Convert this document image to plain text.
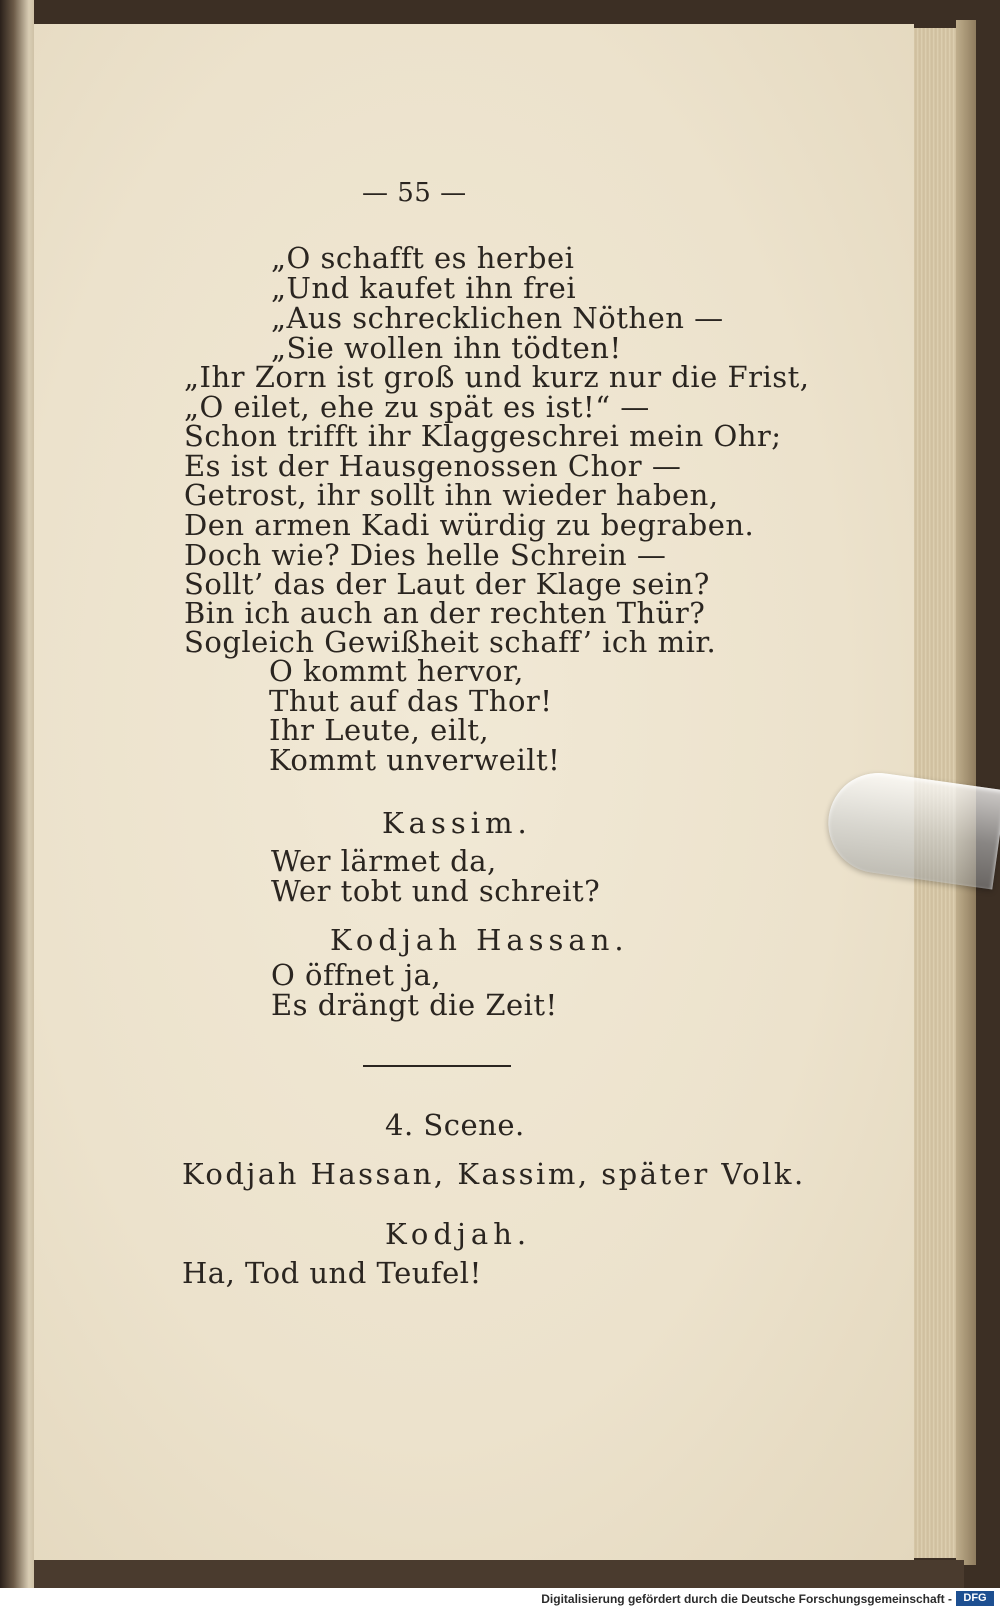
— 55 —
„O schafft es herbei
„Und kaufet ihn frei
„Aus schrecklichen Nöthen —
„Sie wollen ihn tödten!
„Ihr Zorn ist groß und kurz nur die Frist,
„O eilet, ehe zu spät es ist!“ —
Schon trifft ihr Klaggeschrei mein Ohr;
Es ist der Hausgenossen Chor —
Getrost, ihr sollt ihn wieder haben,
Den armen Kadi würdig zu begraben.
Doch wie? Dies helle Schrein —
Sollt’ das der Laut der Klage sein?
Bin ich auch an der rechten Thür?
Sogleich Gewißheit schaff’ ich mir.
O kommt hervor,
Thut auf das Thor!
Ihr Leute, eilt,
Kommt unverweilt!
Kassim.
Wer lärmet da,
Wer tobt und schreit?
Kodjah Hassan.
O öffnet ja,
Es drängt die Zeit!
4. Scene.
Kodjah Hassan, Kassim, später Volk.
Kodjah.
Ha, Tod und Teufel!
Digitalisierung gefördert durch die Deutsche Forschungsgemeinschaft -	DFG
